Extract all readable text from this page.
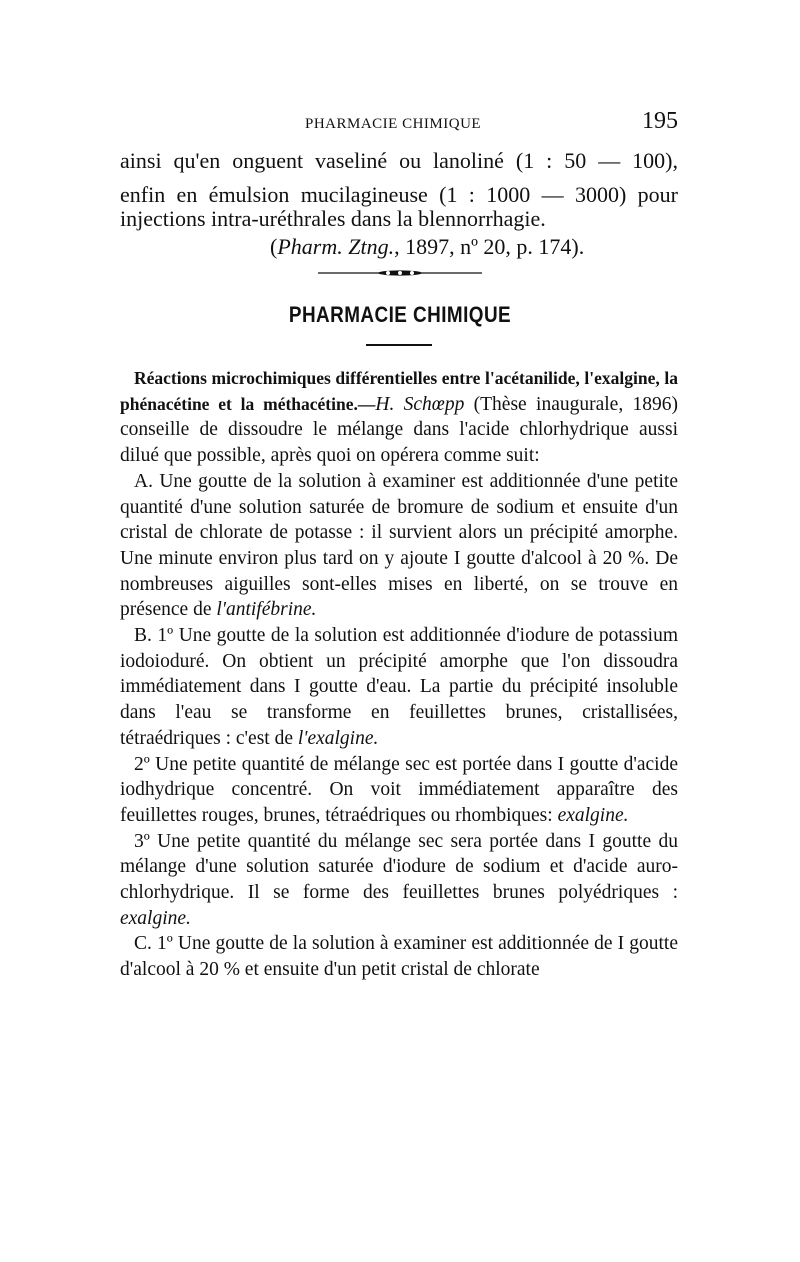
PHARMACIE CHIMIQUE	195

ainsi qu'en onguent vaseliné ou lanoliné (1 : 50 — 100),

enfin en émulsion mucilagineuse (1 : 1000 — 3000) pour

injections intra-uréthrales dans la blennorrhagie.

(Pharm. Ztng., 1897, nº 20, p. 174).
PHARMACIE CHIMIQUE

Réactions microchimiques différentielles entre l'acétanilide, l'exalgine, la phénacétine et la méthacétine.—H. Schœpp (Thèse inaugurale, 1896) conseille de dissoudre le mélange dans l'acide chlorhydrique aussi dilué que possible, après quoi on opérera comme suit:

A. Une goutte de la solution à examiner est additionnée d'une petite quantité d'une solution saturée de bromure de sodium et ensuite d'un cristal de chlorate de potasse : il survient alors un précipité amorphe. Une minute environ plus tard on y ajoute I goutte d'alcool à 20 %. De nombreuses aiguilles sont-elles mises en liberté, on se trouve en présence de l'antifébrine.

B. 1º Une goutte de la solution est additionnée d'iodure de potassium iodoioduré. On obtient un précipité amorphe que l'on dissoudra immédiatement dans I goutte d'eau. La partie du précipité insoluble dans l'eau se transforme en feuillettes brunes, cristallisées, tétraédriques : c'est de l'exalgine.

2º Une petite quantité de mélange sec est portée dans I goutte d'acide iodhydrique concentré. On voit immédiatement apparaître des feuillettes rouges, brunes, tétraédriques ou rhombiques: exalgine.

3º Une petite quantité du mélange sec sera portée dans I goutte du mélange d'une solution saturée d'iodure de sodium et d'acide auro-chlorhydrique. Il se forme des feuillettes brunes polyédriques : exalgine.

C. 1º Une goutte de la solution à examiner est additionnée de I goutte d'alcool à 20 % et ensuite d'un petit cristal de chlorate
